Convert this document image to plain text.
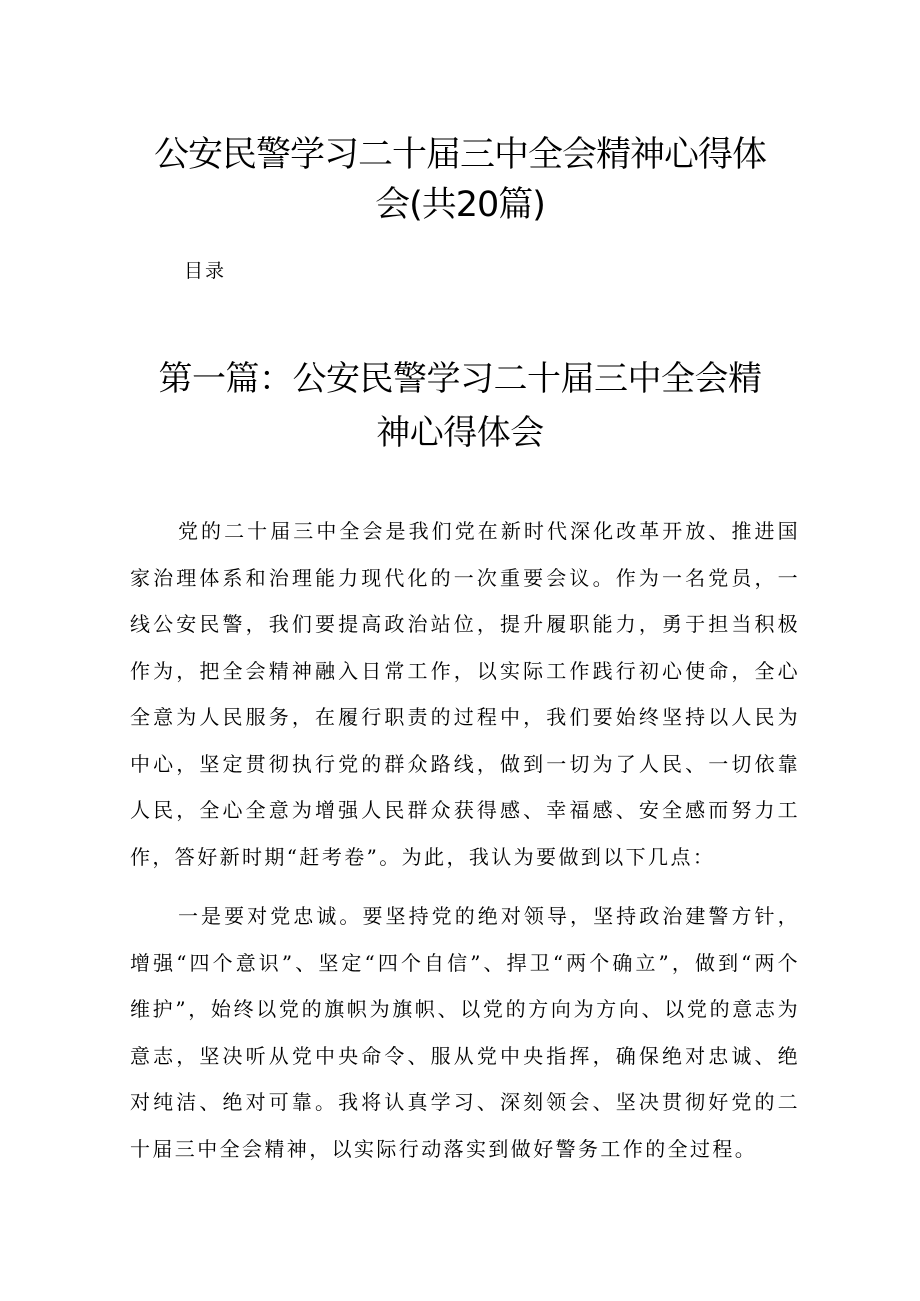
公安民警学习二十届三中全会精神心得体会(共20篇)

目录

第一篇：公安民警学习二十届三中全会精神心得体会

党的二十届三中全会是我们党在新时代深化改革开放、推进国家治理体系和治理能力现代化的一次重要会议。作为一名党员，一线公安民警，我们要提高政治站位，提升履职能力，勇于担当积极作为，把全会精神融入日常工作，以实际工作践行初心使命，全心全意为人民服务，在履行职责的过程中，我们要始终坚持以人民为中心，坚定贯彻执行党的群众路线，做到一切为了人民、一切依靠人民，全心全意为增强人民群众获得感、幸福感、安全感而努力工作，答好新时期“赶考卷”。为此，我认为要做到以下几点：

一是要对党忠诚。要坚持党的绝对领导，坚持政治建警方针，增强“四个意识”、坚定“四个自信”、捍卫“两个确立”，做到“两个维护”，始终以党的旗帜为旗帜、以党的方向为方向、以党的意志为意志，坚决听从党中央命令、服从党中央指挥，确保绝对忠诚、绝对纯洁、绝对可靠。我将认真学习、深刻领会、坚决贯彻好党的二十届三中全会精神，以实际行动落实到做好警务工作的全过程。
